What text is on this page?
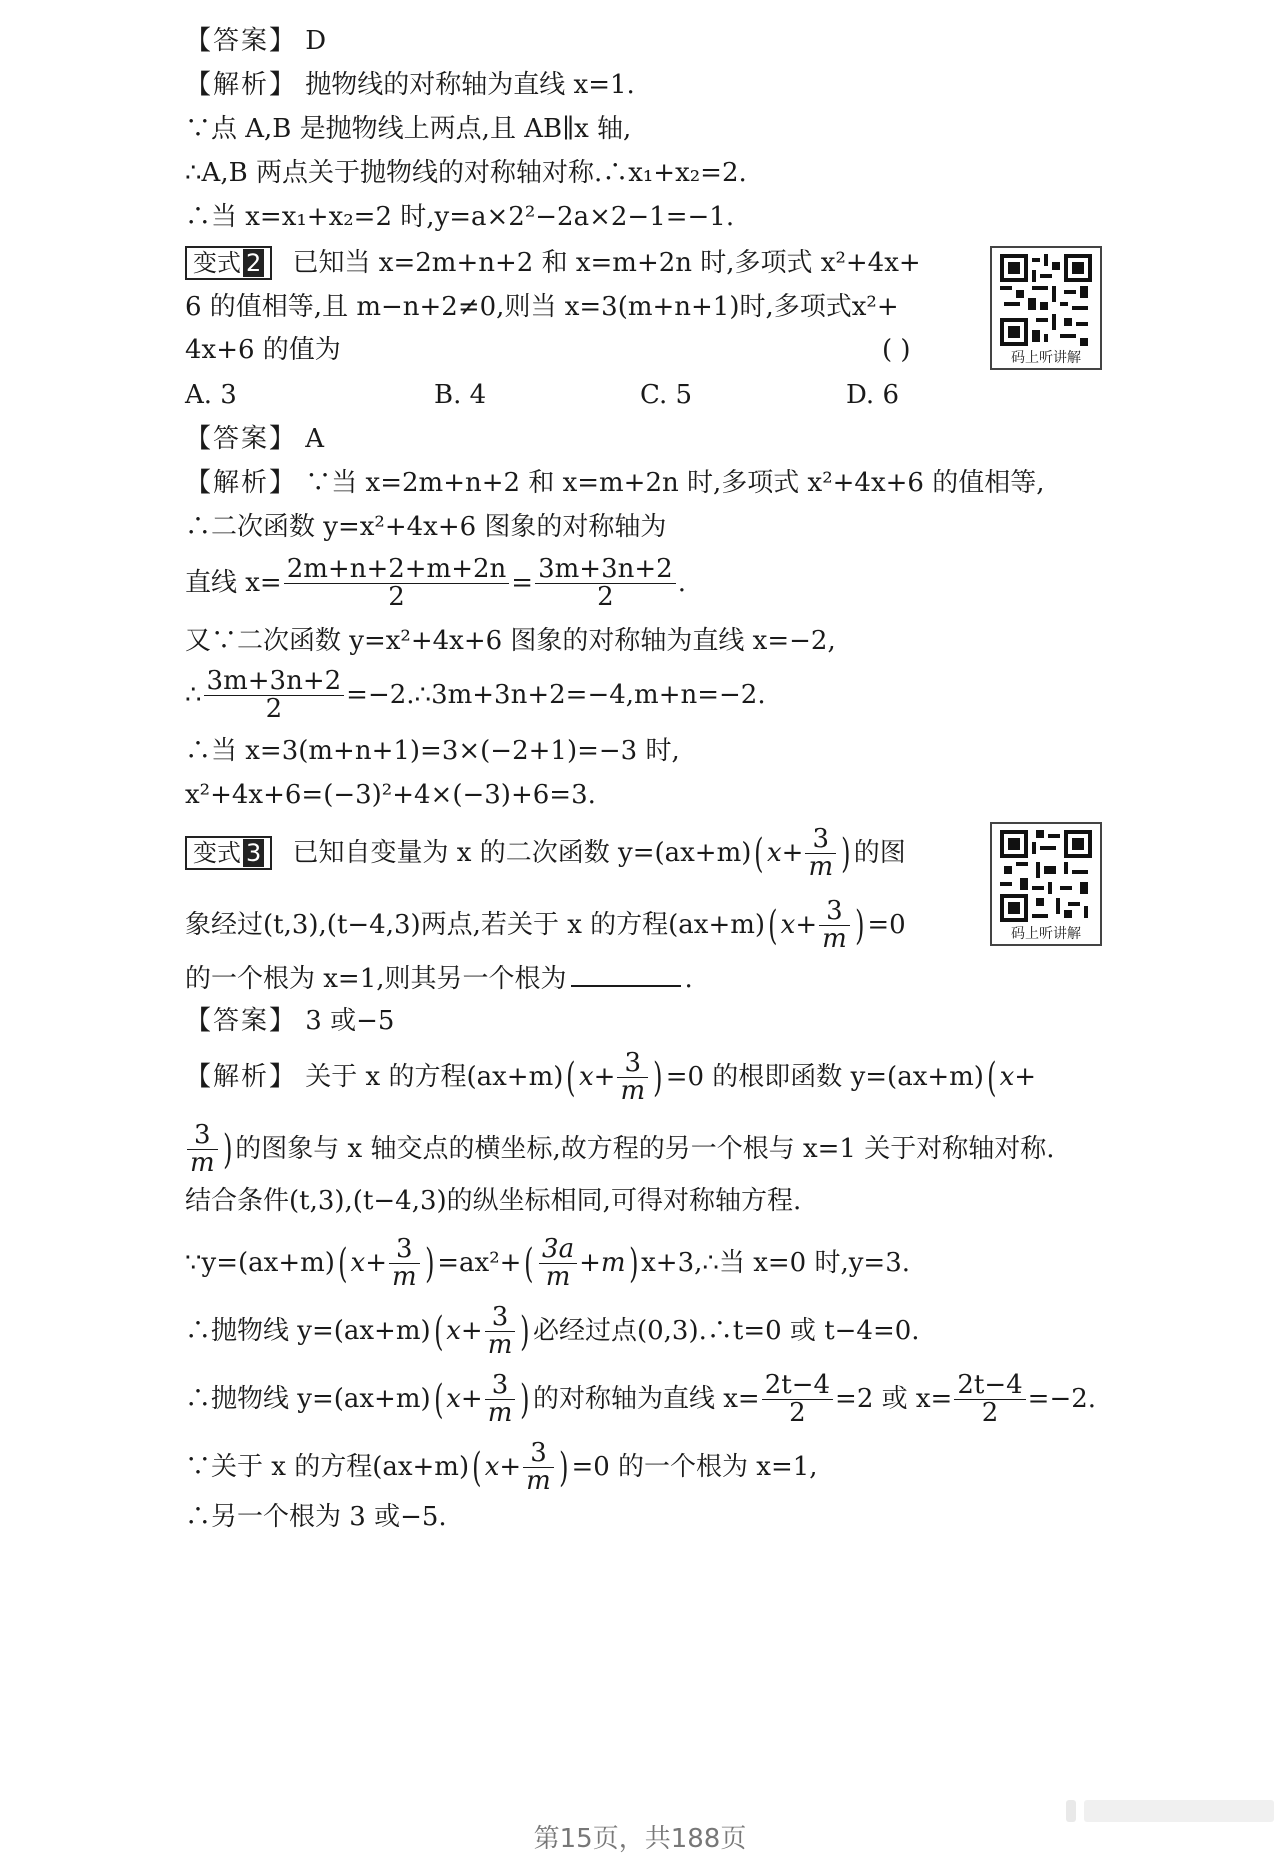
【答案】 D
【解析】 抛物线的对称轴为直线 x=1.
∵点 A,B 是抛物线上两点,且 AB∥x 轴,
∴A,B 两点关于抛物线的对称轴对称.∴x₁+x₂=2.
∴当 x=x₁+x₂=2 时,y=a×2²−2a×2−1=−1.
变式 2 已知当 x=2m+n+2 和 x=m+2n 时,多项式 x²+4x+
6 的值相等,且 m−n+2≠0,则当 x=3(m+n+1)时,多项式x²+
4x+6 的值为	( )	码上听讲解
A. 3	B. 4	C. 5	D. 6
【答案】 A
【解析】 ∵当 x=2m+n+2 和 x=m+2n 时,多项式 x²+4x+6 的值相等,
∴二次函数 y=x²+4x+6 图象的对称轴为
直线 $x= \frac{2m+n+2+m+2n}{2} = \frac{3m+3n+2}{2}$ .
又∵二次函数 y=x²+4x+6 图象的对称轴为直线 x=−2,
∴ $\frac{3m+3n+2}{2}$ =−2.∴3m+3n+2=−4,m+n=−2.
∴当 x=3(m+n+1)=3×(−2+1)=−3 时,
x²+4x+6=(−3)²+4×(−3)+6=3.
变式 3 已知自变量为 x 的二次函数 y=(ax+m)( $x+ \frac{3}{m}$ ) 的图
象经过(t,3),(t−4,3)两点,若关于 x 的方程(ax+m)( $x+ \frac{3}{m}$ ) =0
的一个根为 x=1,则其另一个根为	.
码上听讲解
【答案】 3 或−5
【解析】 关于 x 的方程(ax+m)( $x+ \frac{3}{m}$ ) =0 的根即函数 y=(ax+m)( x+
$\frac{3}{m}$ ) 的图象与 x 轴交点的横坐标,故方程的另一个根与 x=1 关于对称轴对称.
结合条件(t,3),(t−4,3)的纵坐标相同,可得对称轴方程.
∵y=(ax+m)( $x+ \frac{3}{m}$ ) $=ax^2+( \frac{3a}{m} +m)$ x+3,∴当 x=0 时,y=3.
∴抛物线 y=(ax+m)( $x+ \frac{3}{m}$ ) 必经过点(0,3).∴t=0 或 t−4=0.
∴抛物线 y=(ax+m)( $x+ \frac{3}{m}$ ) 的对称轴为直线 $x= \frac{2t-4}{2} =2$ 或 $x= \frac{2t-4}{2} =-2$.
∵关于 x 的方程(ax+m)( $x+ \frac{3}{m}$ ) =0 的一个根为 x=1,
∴另一个根为 3 或−5.
第15页，共188页
